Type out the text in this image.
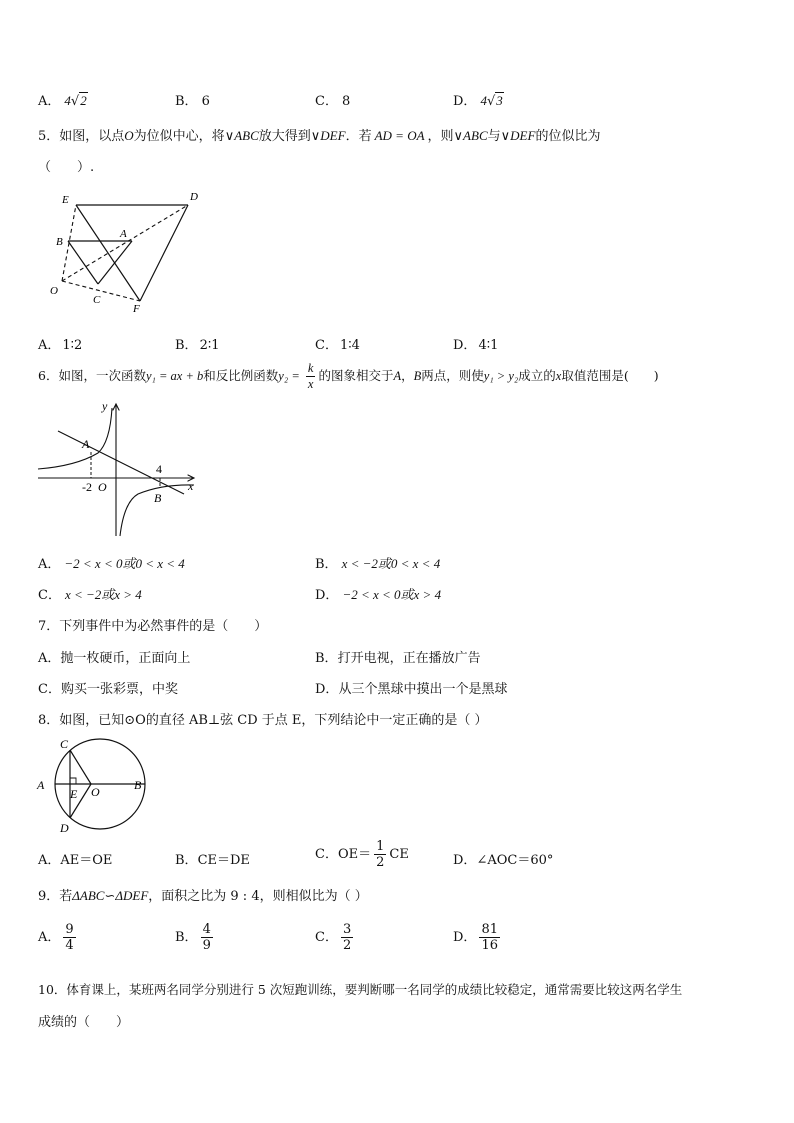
A． 4√2	B． 6	C． 8	D． 4√3
5．如图，以点O为位似中心，将∨ABC放大得到∨DEF．若 AD = OA ，则∨ABC与∨DEF的位似比为
（　　）.
E	D
B
A
O
C
F
A． 1∶2	B． 2∶1	C． 1∶4	D． 4∶1
6．如图，一次函数y₁ = ax + b和反比例函数$y_2 = \frac{k}{x}$ 的图象相交于A，B两点，则使y₁ > y₂成立的x取值范围是(　　)
y
x
A
B
-2 O
4
A． −2 < x < 0或0 < x < 4	B． x < −2或0 < x < 4
C． x < −2或x > 4	D． −2 < x < 0或x > 4
7．下列事件中为必然事件的是（　　）
A．抛一枚硬币，正面向上	B．打开电视，正在播放广告
C．购买一张彩票，中奖	D．从三个黑球中摸出一个是黑球
8．如图，已知⊙O的直径 AB⊥弦 CD 于点 E，下列结论中一定正确的是（ ）
C
A
E O	B
D
A．AE＝OE	B．CE＝DE	C．$OE= \frac{1}{2}$ CE	D．∠AOC＝60°
9．若ΔABC∽ΔDEF，面积之比为 9 : 4，则相似比为（ ）
A． $\frac{9}{4}$	B． $\frac{4}{9}$	C． $\frac{3}{2}$	D． $\frac{81}{16}$
10．体育课上，某班两名同学分别进行 5 次短跑训练，要判断哪一名同学的成绩比较稳定，通常需要比较这两名学生
成绩的（　　）
